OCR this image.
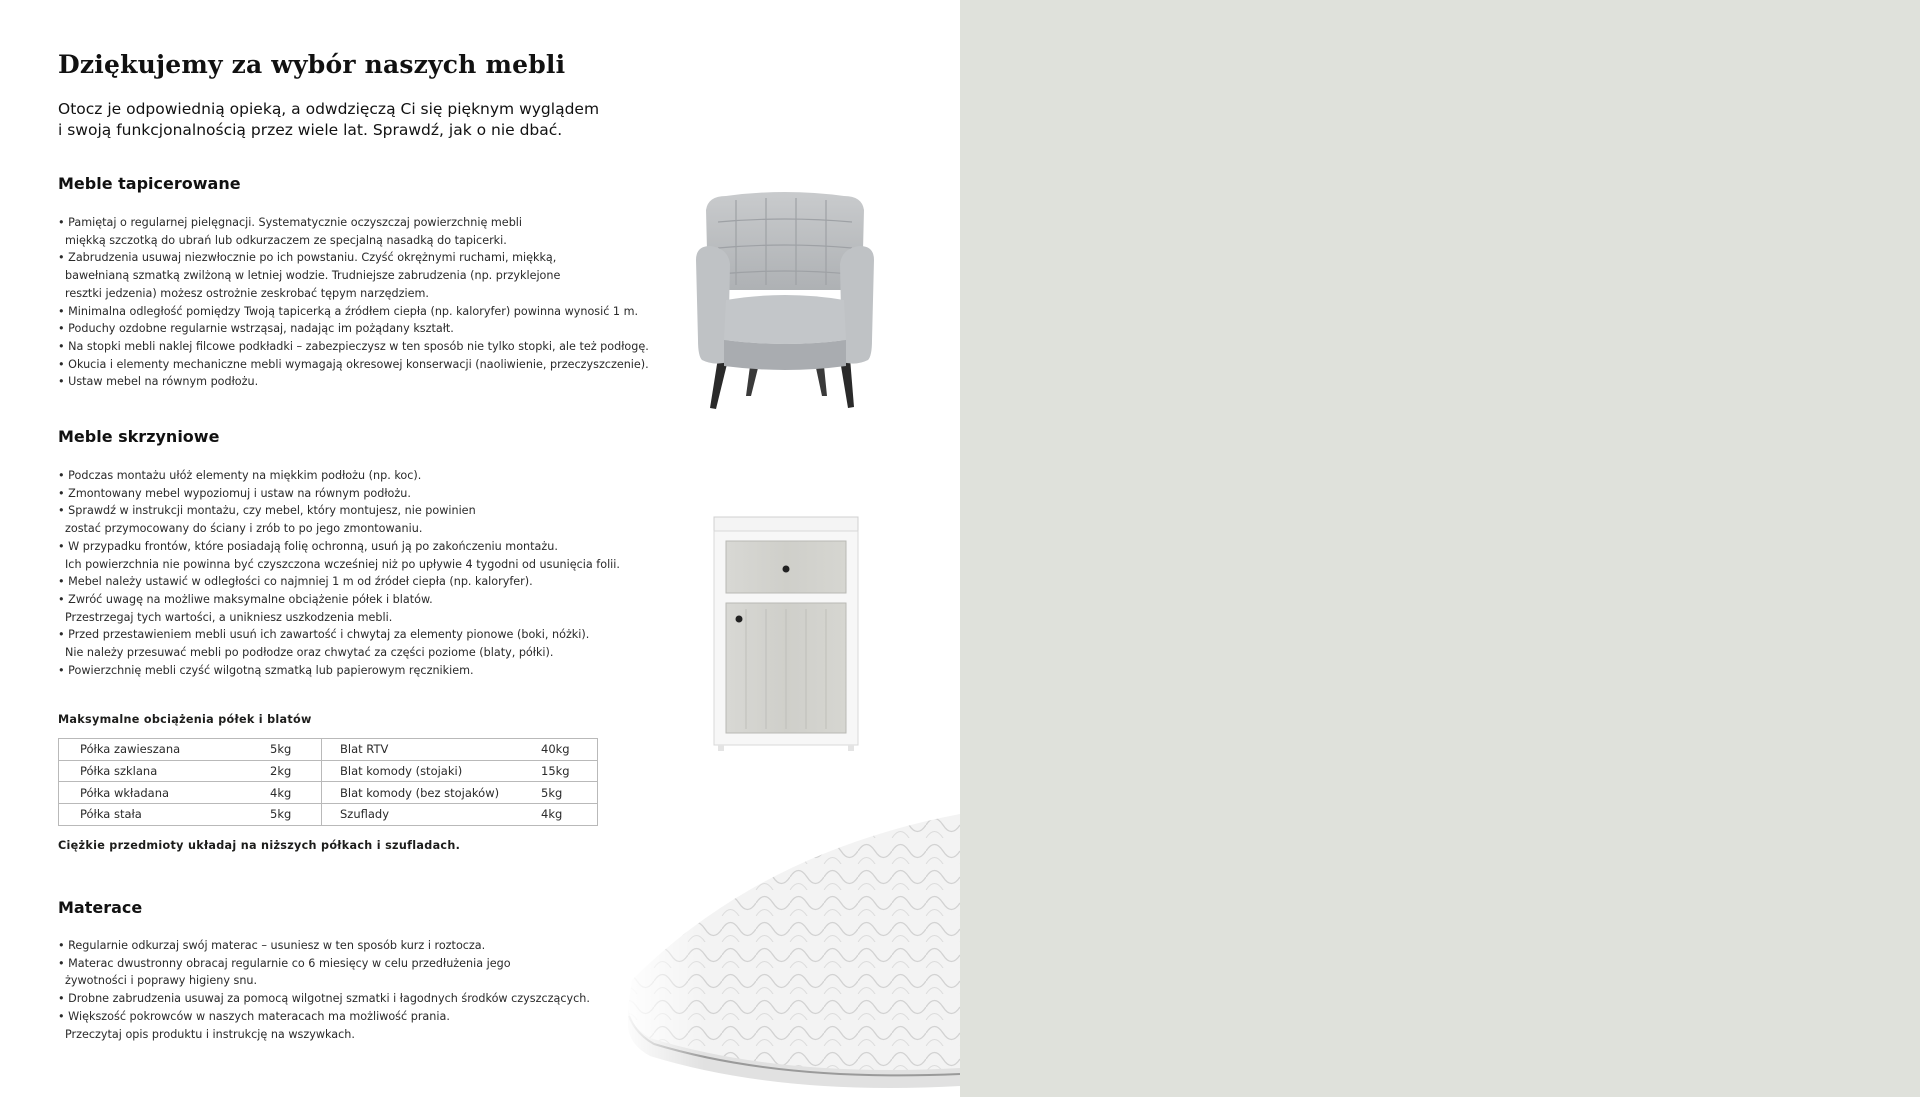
Dziękujemy za wybór naszych mebli

Otocz je odpowiednią opieką, a odwdzięczą Ci się pięknym wyglądem
i swoją funkcjonalnością przez wiele lat. Sprawdź, jak o nie dbać.

Meble tapicerowane
• Pamiętaj o regularnej pielęgnacji. Systematycznie oczyszczaj powierzchnię mebli
miękką szczotką do ubrań lub odkurzaczem ze specjalną nasadką do tapicerki.
• Zabrudzenia usuwaj niezwłocznie po ich powstaniu. Czyść okrężnymi ruchami, miękką,
bawełnianą szmatką zwilżoną w letniej wodzie. Trudniejsze zabrudzenia (np. przyklejone
resztki jedzenia) możesz ostrożnie zeskrobać tępym narzędziem.
• Minimalna odległość pomiędzy Twoją tapicerką a źródłem ciepła (np. kaloryfer) powinna wynosić 1 m.
• Poduchy ozdobne regularnie wstrząsaj, nadając im pożądany kształt.
• Na stopki mebli naklej filcowe podkładki – zabezpieczysz w ten sposób nie tylko stopki, ale też podłogę.
• Okucia i elementy mechaniczne mebli wymagają okresowej konserwacji (naoliwienie, przeczyszczenie).
• Ustaw mebel na równym podłożu.
Meble skrzyniowe
• Podczas montażu ułóż elementy na miękkim podłożu (np. koc).
• Zmontowany mebel wypoziomuj i ustaw na równym podłożu.
• Sprawdź w instrukcji montażu, czy mebel, który montujesz, nie powinien
zostać przymocowany do ściany i zrób to po jego zmontowaniu.
• W przypadku frontów, które posiadają folię ochronną, usuń ją po zakończeniu montażu.
Ich powierzchnia nie powinna być czyszczona wcześniej niż po upływie 4 tygodni od usunięcia folii.
• Mebel należy ustawić w odległości co najmniej 1 m od źródeł ciepła (np. kaloryfer).
• Zwróć uwagę na możliwe maksymalne obciążenie półek i blatów.
Przestrzegaj tych wartości, a unikniesz uszkodzenia mebli.
• Przed przestawieniem mebli usuń ich zawartość i chwytaj za elementy pionowe (boki, nóżki).
Nie należy przesuwać mebli po podłodze oraz chwytać za części poziome (blaty, półki).
• Powierzchnię mebli czyść wilgotną szmatką lub papierowym ręcznikiem.

Maksymalne obciążenia półek i blatów

Półka zawieszana	5kg	Blat RTV	40kg
Półka szklana	2kg	Blat komody (stojaki)	15kg
Półka wkładana	4kg	Blat komody (bez stojaków)	5kg
Półka stała	5kg	Szuflady	4kg

Ciężkie przedmioty układaj na niższych półkach i szufladach.

Materace
• Regularnie odkurzaj swój materac – usuniesz w ten sposób kurz i roztocza.
• Materac dwustronny obracaj regularnie co 6 miesięcy w celu przedłużenia jego
żywotności i poprawy higieny snu.
• Drobne zabrudzenia usuwaj za pomocą wilgotnej szmatki i łagodnych środków czyszczących.
• Większość pokrowców w naszych materacach ma możliwość prania.
Przeczytaj opis produktu i instrukcję na wszywkach.
